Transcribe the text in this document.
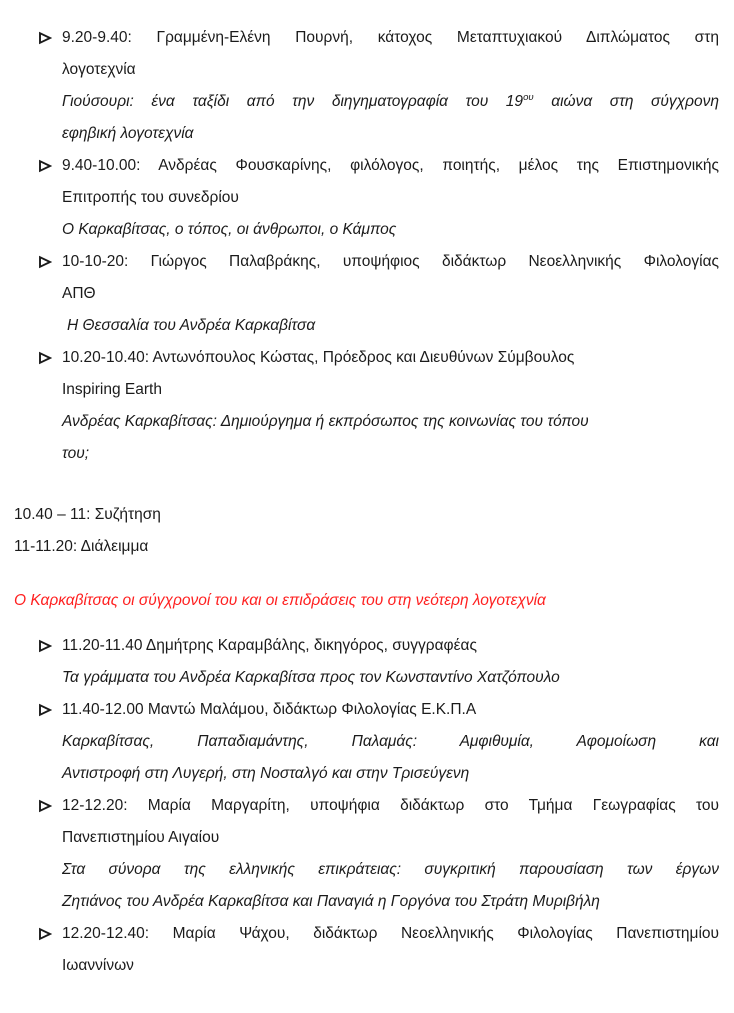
9.20-9.40: Γραμμένη-Ελένη Πουρνή, κάτοχος Μεταπτυχιακού Διπλώματος στη
λογοτεχνία
Γιούσουρι: ένα ταξίδι από την διηγηματογραφία του $19^{o\upsilon}$ αιώνα στη σύγχρονη
εφηβική λογοτεχνία
9.40-10.00: Ανδρέας Φουσκαρίνης, φιλόλογος, ποιητής, μέλος της Επιστημονικής
Επιτροπής του συνεδρίου
Ο Καρκαβίτσας, ο τόπος, οι άνθρωποι, ο Κάμπος
10-10-20: Γιώργος Παλαβράκης, υποψήφιος διδάκτωρ Νεοελληνικής Φιλολογίας
ΑΠΘ
Η Θεσσαλία του Ανδρέα Καρκαβίτσα
10.20-10.40: Αντωνόπουλος Κώστας, Πρόεδρος και Διευθύνων Σύμβουλος
Inspiring Earth
Ανδρέας Καρκαβίτσας: Δημιούργημα ή εκπρόσωπος της κοινωνίας του τόπου
του;
10.40 – 11: Συζήτηση
11-11.20: Διάλειμμα
Ο Καρκαβίτσας οι σύγχρονοί του και οι επιδράσεις του στη νεότερη λογοτεχνία
11.20-11.40 Δημήτρης Καραμβάλης, δικηγόρος, συγγραφέας
Τα γράμματα του Ανδρέα Καρκαβίτσα προς τον Κωνσταντίνο Χατζόπουλο
11.40-12.00 Μαντώ Μαλάμου, διδάκτωρ Φιλολογίας Ε.Κ.Π.Α
Καρκαβίτσας, Παπαδιαμάντης, Παλαμάς: Αμφιθυμία, Αφομοίωση και
Αντιστροφή στη Λυγερή, στη Νοσταλγό και στην Τρισεύγενη
12-12.20: Μαρία Μαργαρίτη, υποψήφια διδάκτωρ στο Τμήμα Γεωγραφίας του
Πανεπιστημίου Αιγαίου
Στα σύνορα της ελληνικής επικράτειας: συγκριτική παρουσίαση των έργων
Ζητιάνος του Ανδρέα Καρκαβίτσα και Παναγιά η Γοργόνα του Στράτη Μυριβήλη
12.20-12.40: Μαρία Ψάχου, διδάκτωρ Νεοελληνικής Φιλολογίας Πανεπιστημίου
Ιωαννίνων
